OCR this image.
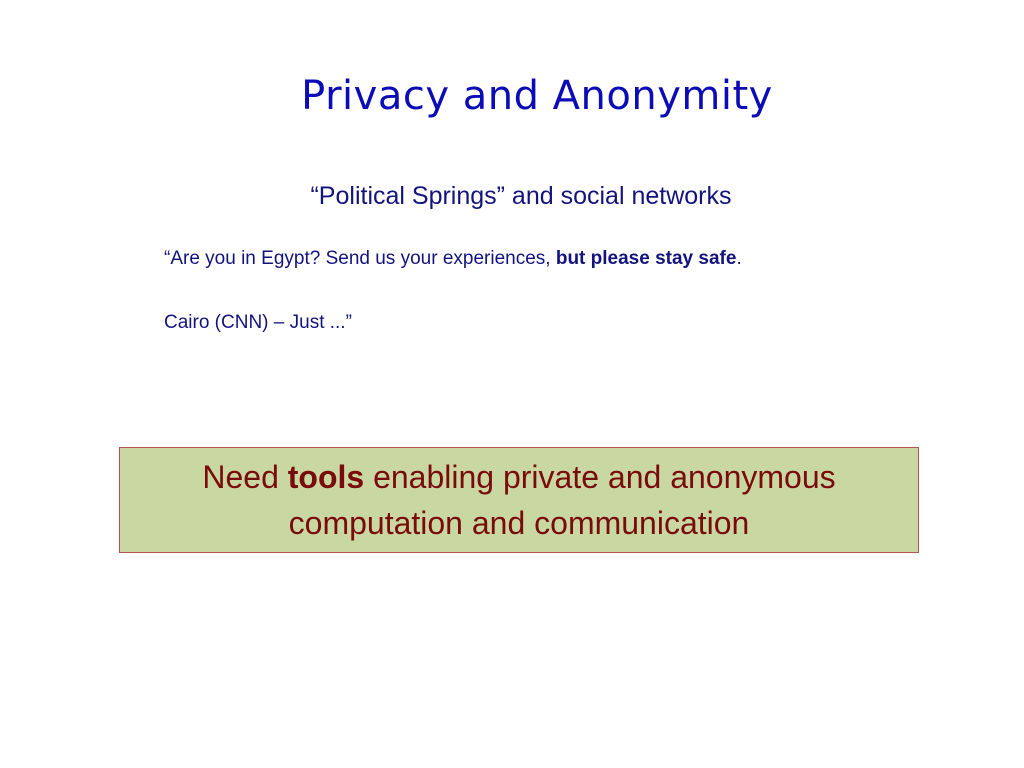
Privacy and Anonymity
“Political Springs” and social networks
“Are you in Egypt? Send us your experiences, but please stay safe.
Cairo (CNN) – Just ...”
Need tools enabling private and anonymous
computation and communication
